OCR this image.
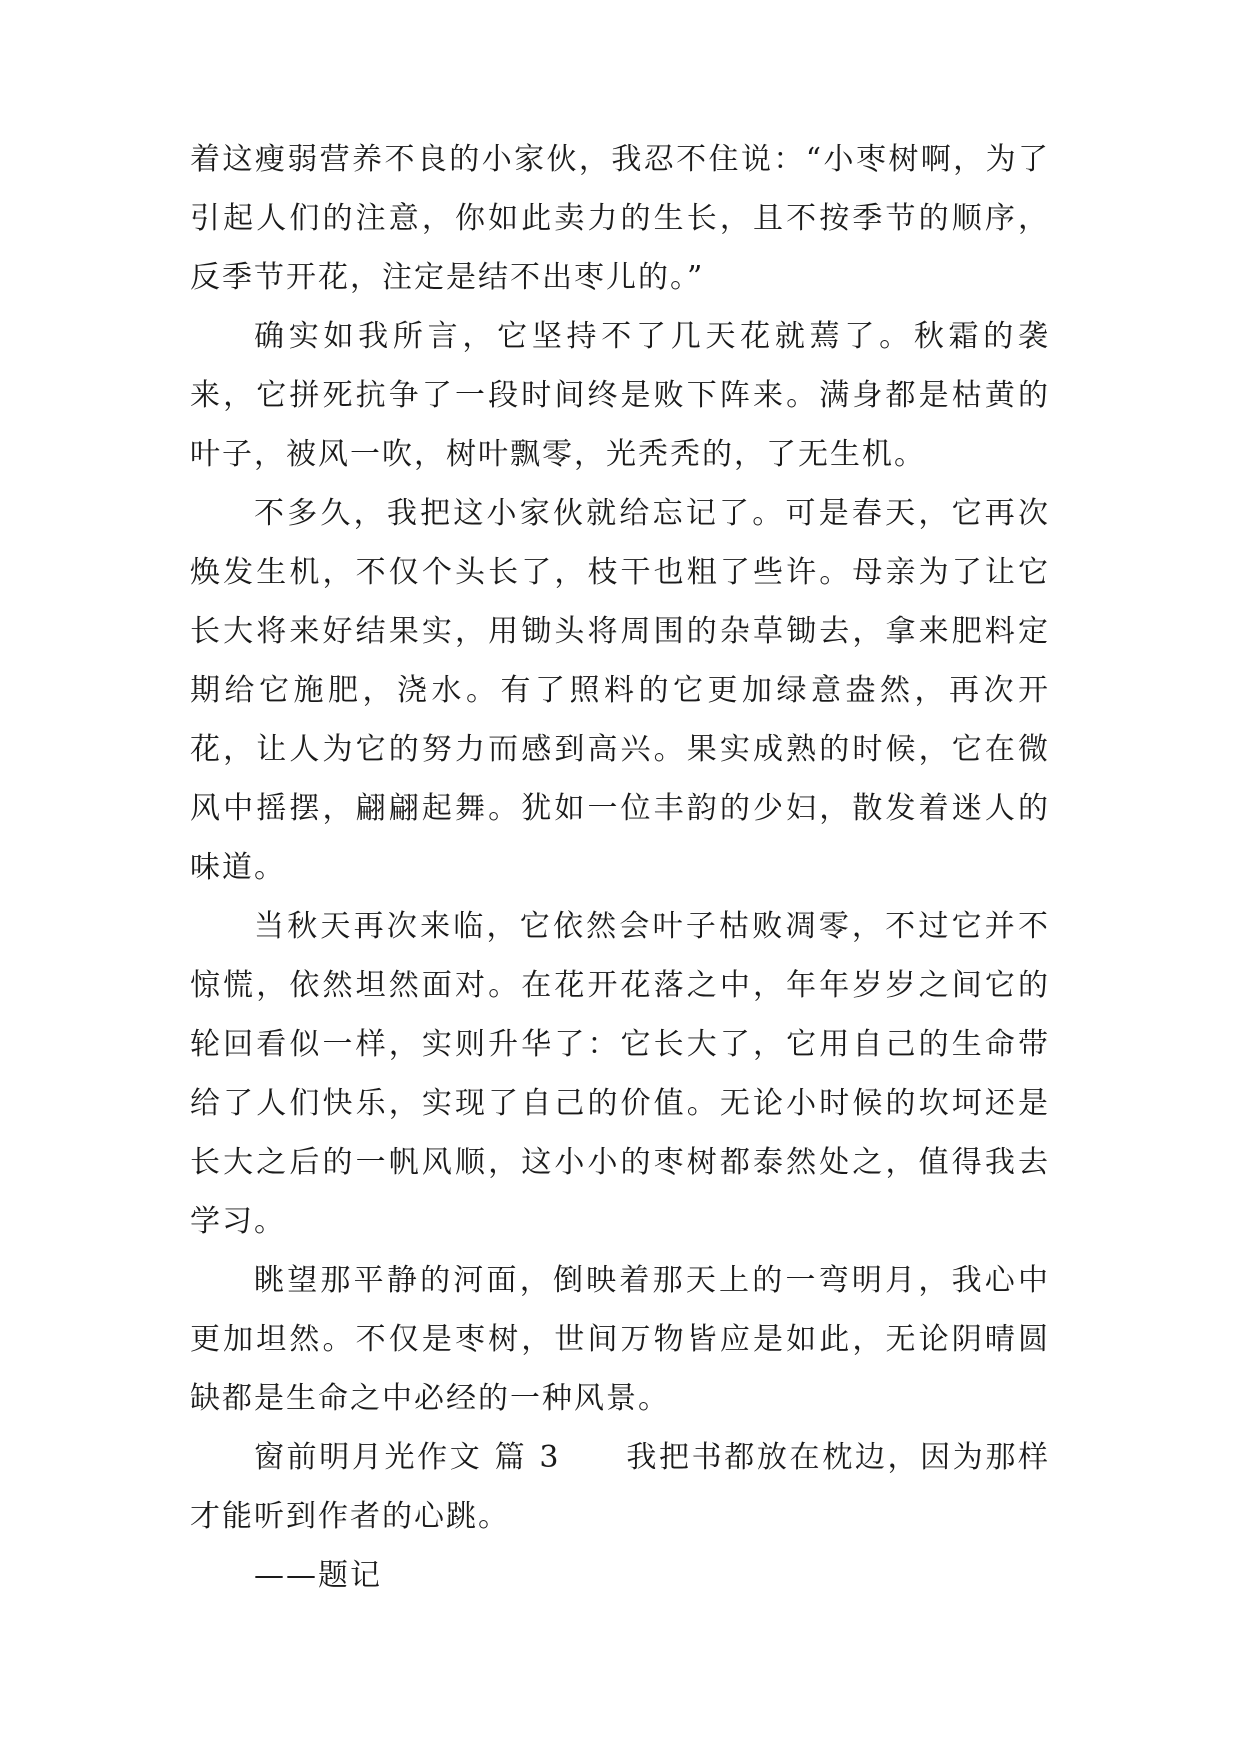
着这瘦弱营养不良的小家伙，我忍不住说：“小枣树啊，为了引起人们的注意，你如此卖力的生长，且不按季节的顺序，反季节开花，注定是结不出枣儿的。”

确实如我所言，它坚持不了几天花就蔫了。秋霜的袭来，它拼死抗争了一段时间终是败下阵来。满身都是枯黄的叶子，被风一吹，树叶飘零，光秃秃的，了无生机。

不多久，我把这小家伙就给忘记了。可是春天，它再次焕发生机，不仅个头长了，枝干也粗了些许。母亲为了让它长大将来好结果实，用锄头将周围的杂草锄去，拿来肥料定期给它施肥，浇水。有了照料的它更加绿意盎然，再次开花，让人为它的努力而感到高兴。果实成熟的时候，它在微风中摇摆，翩翩起舞。犹如一位丰韵的少妇，散发着迷人的味道。

当秋天再次来临，它依然会叶子枯败凋零，不过它并不惊慌，依然坦然面对。在花开花落之中，年年岁岁之间它的轮回看似一样，实则升华了：它长大了，它用自己的生命带给了人们快乐，实现了自己的价值。无论小时候的坎坷还是长大之后的一帆风顺，这小小的枣树都泰然处之，值得我去学习。

眺望那平静的河面，倒映着那天上的一弯明月，我心中更加坦然。不仅是枣树，世间万物皆应是如此，无论阴晴圆缺都是生命之中必经的一种风景。

窗前明月光作文 篇 3　　我把书都放在枕边，因为那样才能听到作者的心跳。

——题记
